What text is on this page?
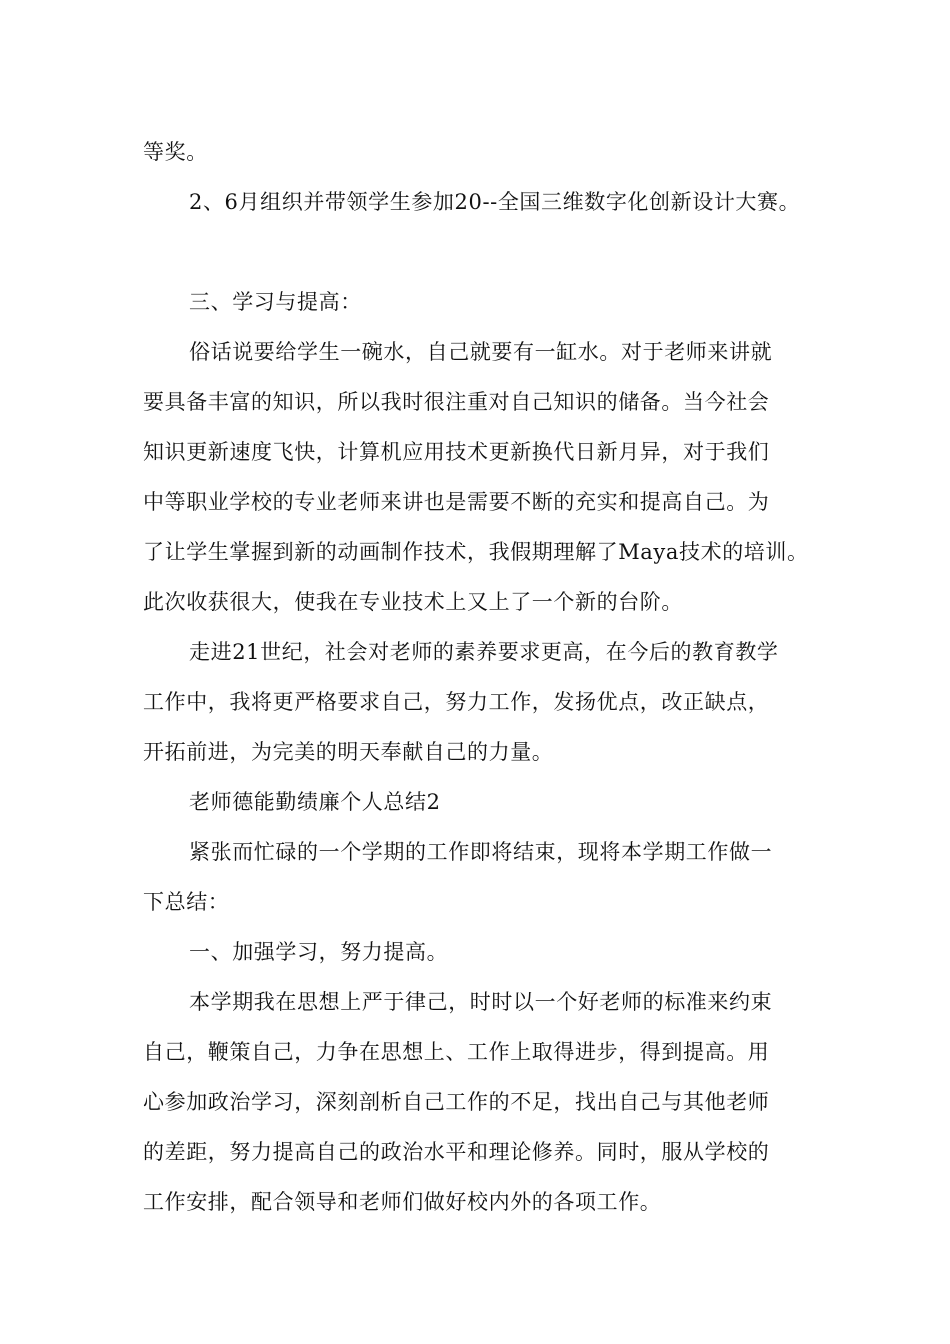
等奖。
2、6月组织并带领学生参加20--全国三维数字化创新设计大赛。
三、学习与提高：
俗话说要给学生一碗水，自己就要有一缸水。对于老师来讲就
要具备丰富的知识，所以我时很注重对自己知识的储备。当今社会
知识更新速度飞快，计算机应用技术更新换代日新月异，对于我们
中等职业学校的专业老师来讲也是需要不断的充实和提高自己。为
了让学生掌握到新的动画制作技术，我假期理解了Maya技术的培训。
此次收获很大，使我在专业技术上又上了一个新的台阶。
走进21世纪，社会对老师的素养要求更高，在今后的教育教学
工作中，我将更严格要求自己，努力工作，发扬优点，改正缺点，
开拓前进，为完美的明天奉献自己的力量。
老师德能勤绩廉个人总结2
紧张而忙碌的一个学期的工作即将结束，现将本学期工作做一
下总结：
一、加强学习，努力提高。
本学期我在思想上严于律己，时时以一个好老师的标准来约束
自己，鞭策自己，力争在思想上、工作上取得进步，得到提高。用
心参加政治学习，深刻剖析自己工作的不足，找出自己与其他老师
的差距，努力提高自己的政治水平和理论修养。同时，服从学校的
工作安排，配合领导和老师们做好校内外的各项工作。
